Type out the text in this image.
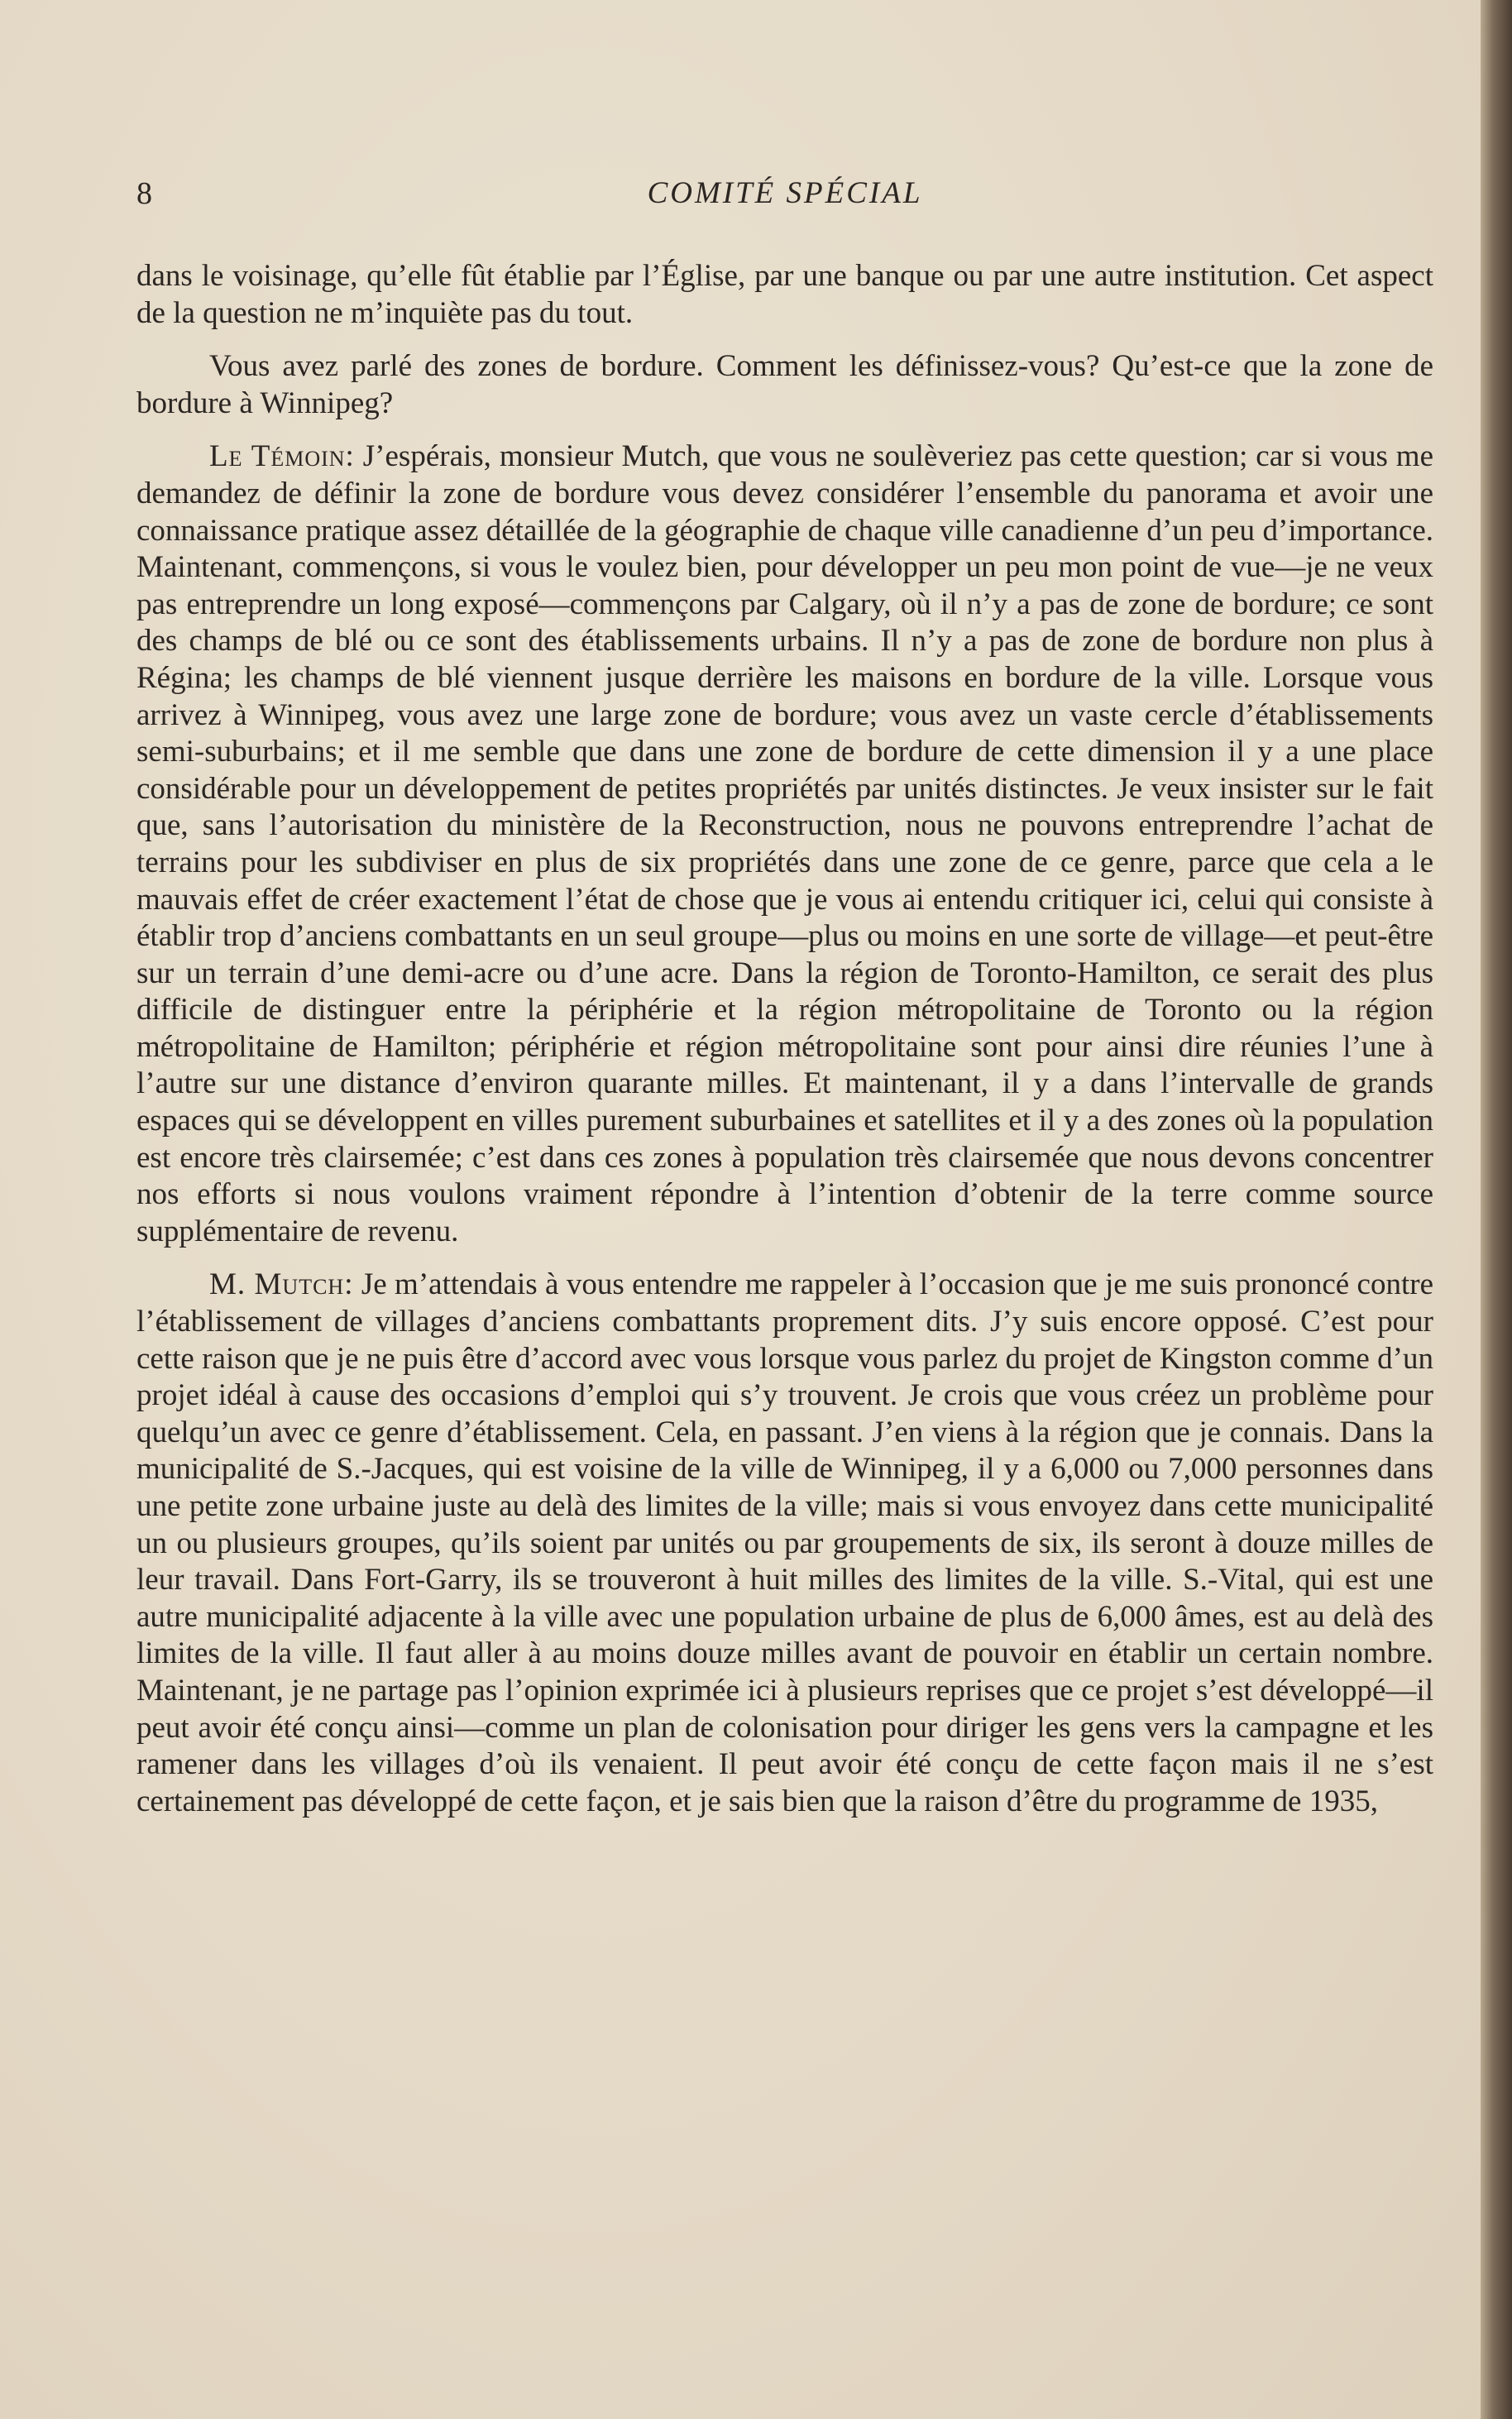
8	COMITÉ SPÉCIAL

dans le voisinage, qu’elle fût établie par l’Église, par une banque ou par une autre institution. Cet aspect de la question ne m’inquiète pas du tout.

Vous avez parlé des zones de bordure. Comment les définissez-vous? Qu’est-ce que la zone de bordure à Winnipeg?

Le Témoin: J’espérais, monsieur Mutch, que vous ne soulèveriez pas cette question; car si vous me demandez de définir la zone de bordure vous devez considérer l’ensemble du panorama et avoir une connaissance pratique assez détaillée de la géographie de chaque ville canadienne d’un peu d’importance. Maintenant, commençons, si vous le voulez bien, pour développer un peu mon point de vue—je ne veux pas entreprendre un long exposé—commençons par Calgary, où il n’y a pas de zone de bordure; ce sont des champs de blé ou ce sont des établissements urbains. Il n’y a pas de zone de bordure non plus à Régina; les champs de blé viennent jusque derrière les maisons en bordure de la ville. Lorsque vous arrivez à Winnipeg, vous avez une large zone de bordure; vous avez un vaste cercle d’établissements semi-suburbains; et il me semble que dans une zone de bordure de cette dimension il y a une place considérable pour un développement de petites propriétés par unités distinctes. Je veux insister sur le fait que, sans l’autorisation du ministère de la Reconstruction, nous ne pouvons entreprendre l’achat de terrains pour les subdiviser en plus de six propriétés dans une zone de ce genre, parce que cela a le mauvais effet de créer exactement l’état de chose que je vous ai entendu critiquer ici, celui qui consiste à établir trop d’anciens combattants en un seul groupe—plus ou moins en une sorte de village—et peut-être sur un terrain d’une demi-acre ou d’une acre. Dans la région de Toronto-Hamilton, ce serait des plus difficile de distinguer entre la périphérie et la région métropolitaine de Toronto ou la région métropolitaine de Hamilton; périphérie et région métropolitaine sont pour ainsi dire réunies l’une à l’autre sur une distance d’environ quarante milles. Et maintenant, il y a dans l’intervalle de grands espaces qui se développent en villes purement suburbaines et satellites et il y a des zones où la population est encore très clairsemée; c’est dans ces zones à population très clairsemée que nous devons concentrer nos efforts si nous voulons vraiment répondre à l’intention d’obtenir de la terre comme source supplémentaire de revenu.

M. Mutch: Je m’attendais à vous entendre me rappeler à l’occasion que je me suis prononcé contre l’établissement de villages d’anciens combattants proprement dits. J’y suis encore opposé. C’est pour cette raison que je ne puis être d’accord avec vous lorsque vous parlez du projet de Kingston comme d’un projet idéal à cause des occasions d’emploi qui s’y trouvent. Je crois que vous créez un problème pour quelqu’un avec ce genre d’établissement. Cela, en passant. J’en viens à la région que je connais. Dans la municipalité de S.-Jacques, qui est voisine de la ville de Winnipeg, il y a 6,000 ou 7,000 personnes dans une petite zone urbaine juste au delà des limites de la ville; mais si vous envoyez dans cette municipalité un ou plusieurs groupes, qu’ils soient par unités ou par groupements de six, ils seront à douze milles de leur travail. Dans Fort-Garry, ils se trouveront à huit milles des limites de la ville. S.-Vital, qui est une autre municipalité adjacente à la ville avec une population urbaine de plus de 6,000 âmes, est au delà des limites de la ville. Il faut aller à au moins douze milles avant de pouvoir en établir un certain nombre. Maintenant, je ne partage pas l’opinion exprimée ici à plusieurs reprises que ce projet s’est développé—il peut avoir été conçu ainsi—comme un plan de colonisation pour diriger les gens vers la campagne et les ramener dans les villages d’où ils venaient. Il peut avoir été conçu de cette façon mais il ne s’est certainement pas développé de cette façon, et je sais bien que la raison d’être du programme de 1935,
